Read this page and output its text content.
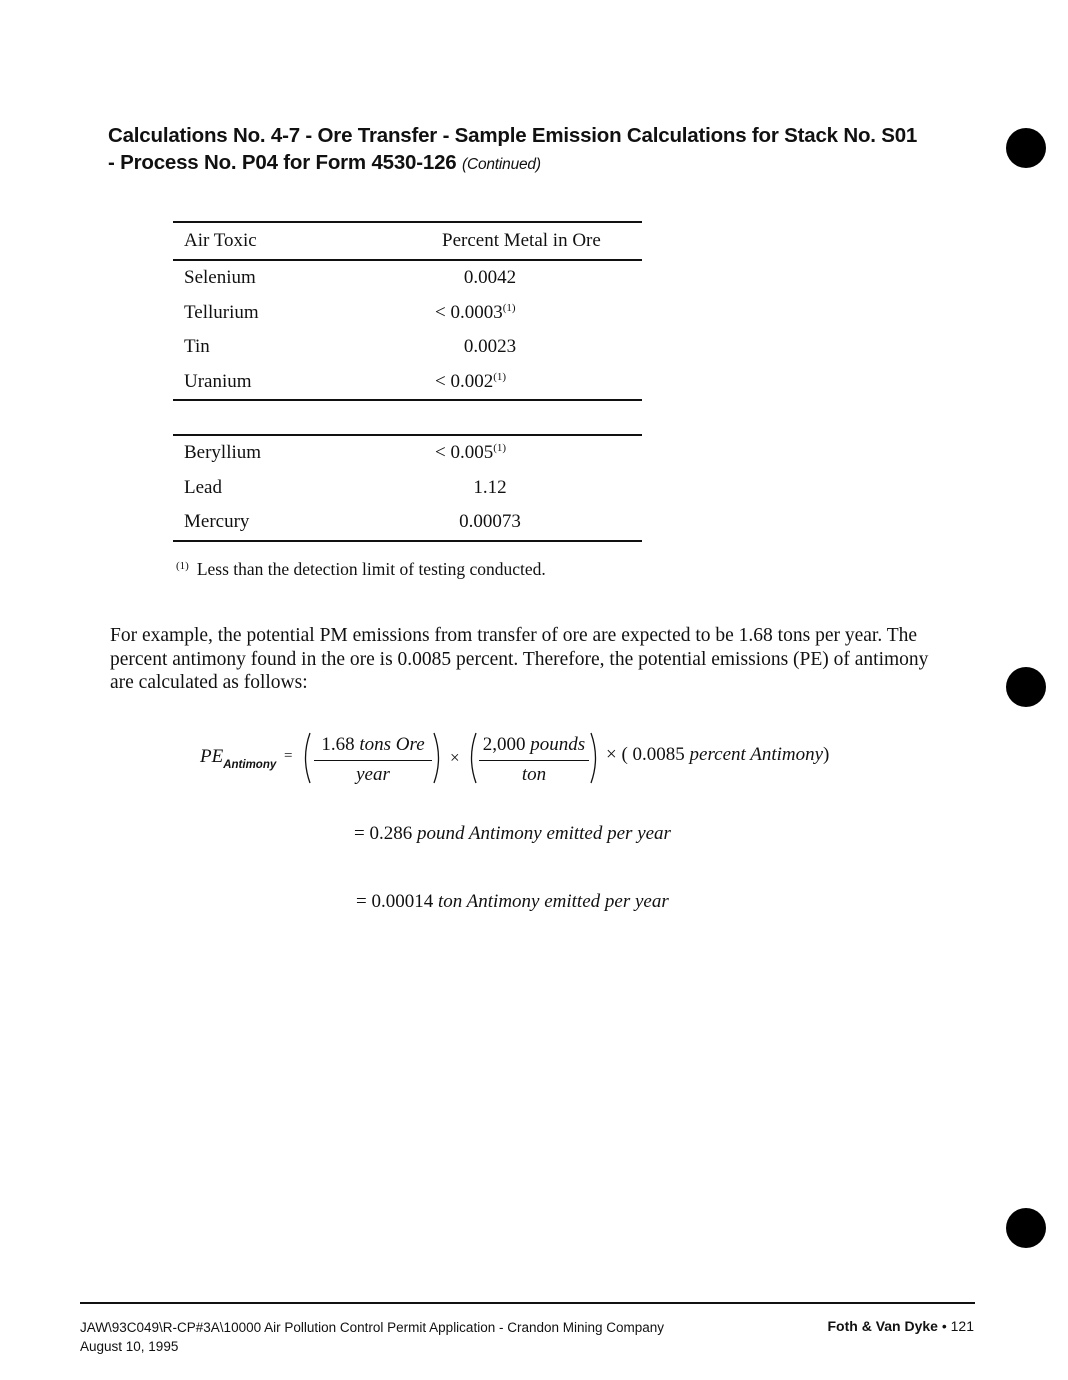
Calculations No. 4-7 - Ore Transfer - Sample Emission Calculations for Stack No. S01
- Process No. P04 for Form 4530-126 (Continued)
Air Toxic	Percent Metal in Ore
Selenium	0.0042
Tellurium	< 0.0003$^{(1)}$
Tin	0.0023
Uranium	< 0.002$^{(1)}$

Beryllium	< 0.005$^{(1)}$
Lead	1.12
Mercury	0.00073
$^{(1)}$ Less than the detection limit of testing conducted.
For example, the potential PM emissions from transfer of ore are expected to be 1.68 tons per year. The percent antimony found in the ore is 0.0085 percent. Therefore, the potential emissions (PE) of antimony are calculated as follows:
$PE_{Antimony}$
=
1.68 tons Ore
year
×
2,000 pounds
ton
× ( 0.0085 percent Antimony)
= 0.286 pound Antimony emitted per year
= 0.00014 ton Antimony emitted per year
JAW\93C049\R-CP#3A\10000 Air Pollution Control Permit Application - Crandon Mining Company
August 10, 1995
Foth & Van Dyke • 121
